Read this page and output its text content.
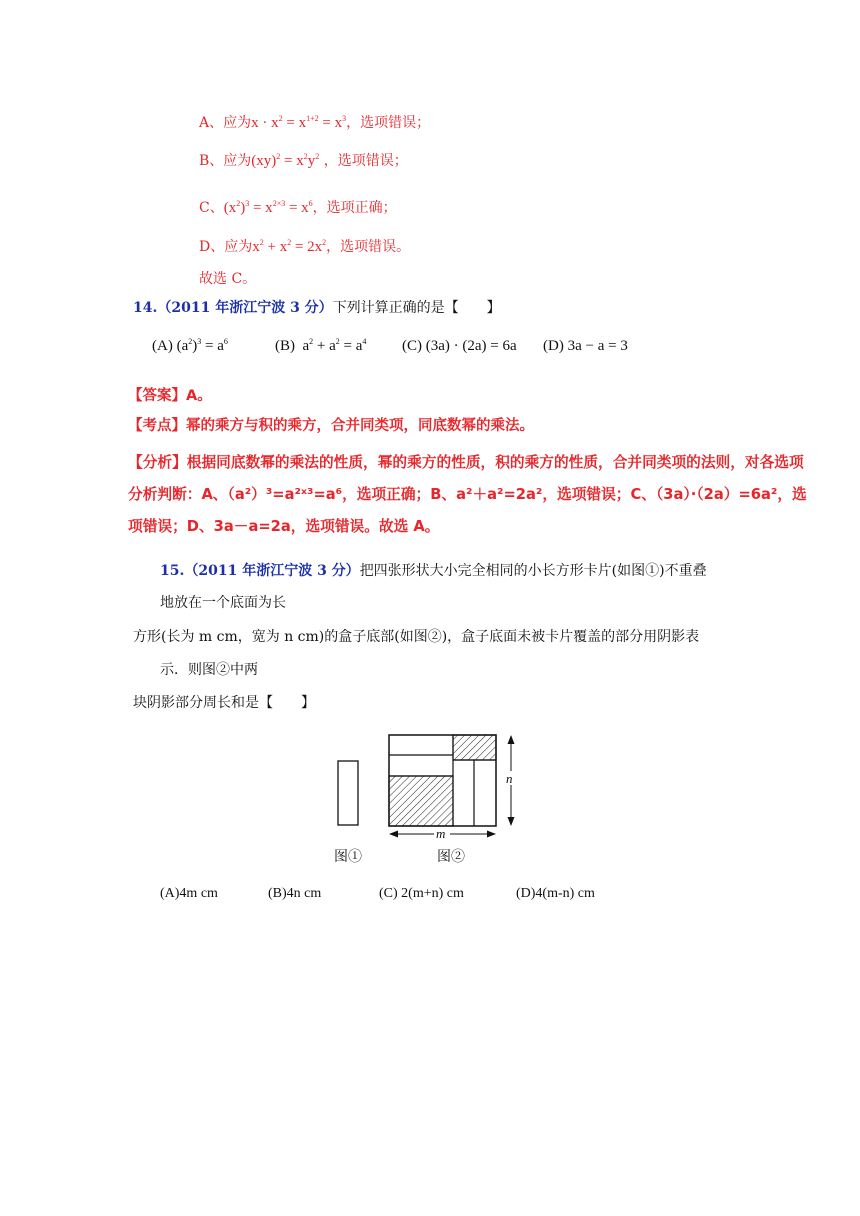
A、应为$x \cdot x^2 = x^{1+2} = x^3$，选项错误；
B、应为$(xy)^2 = x^2y^2$ ，选项错误；
C、$(x^2)^3 = x^{2\times 3} = x^6$，选项正确；
D、应为$x^2 + x^2 = 2x^2$，选项错误。
故选 C。
14.（2011 年浙江宁波 3 分）下列计算正确的是【　　】
(A) $(a^2)^3 = a^6$	(B) $a^2 + a^2 = a^4$ (C) (3a) · (2a) = 6a (D) 3a − a = 3
【答案】A。
【考点】幂的乘方与积的乘方，合并同类项，同底数幂的乘法。
【分析】根据同底数幂的乘法的性质，幂的乘方的性质，积的乘方的性质，合并同类项的法则，对各选项
分析判断：A、（a²）³=a²ˣ³=a⁶，选项正确；B、a²＋a²=2a²，选项错误；C、（3a）·（2a）=6a²，选
项错误；D、3a－a=2a，选项错误。故选 A。
15.（2011 年浙江宁波 3 分）把四张形状大小完全相同的小长方形卡片(如图①)不重叠
地放在一个底面为长
方形(长为 m cm，宽为 n cm)的盒子底部(如图②)，盒子底面未被卡片覆盖的部分用阴影表
示．则图②中两
块阴影部分周长和是【　　】
n
m
图①	图②
(A)4m cm	(B)4n cm	(C) 2(m+n) cm	(D)4(m-n) cm
